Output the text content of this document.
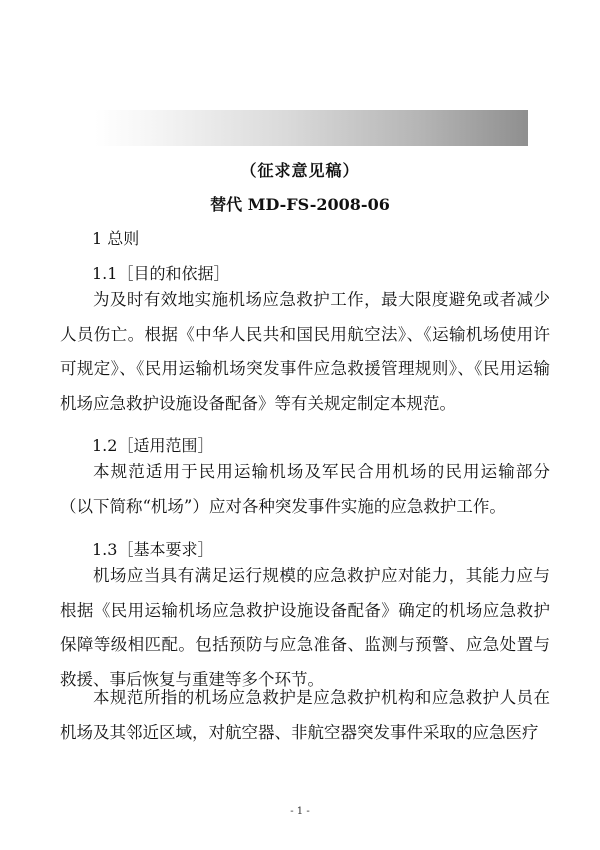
（征求意见稿）
替代 MD-FS-2008-06
1 总则
1.1［目的和依据］

为及时有效地实施机场应急救护工作，最大限度避免或者减少人员伤亡。根据《中华人民共和国民用航空法》、《运输机场使用许可规定》、《民用运输机场突发事件应急救援管理规则》、《民用运输机场应急救护设施设备配备》等有关规定制定本规范。

1.2［适用范围］

本规范适用于民用运输机场及军民合用机场的民用运输部分（以下简称“机场”）应对各种突发事件实施的应急救护工作。

1.3［基本要求］

机场应当具有满足运行规模的应急救护应对能力，其能力应与根据《民用运输机场应急救护设施设备配备》确定的机场应急救护保障等级相匹配。包括预防与应急准备、监测与预警、应急处置与救援、事后恢复与重建等多个环节。

本规范所指的机场应急救护是应急救护机构和应急救护人员在机场及其邻近区域，对航空器、非航空器突发事件采取的应急医疗

- 1 -
